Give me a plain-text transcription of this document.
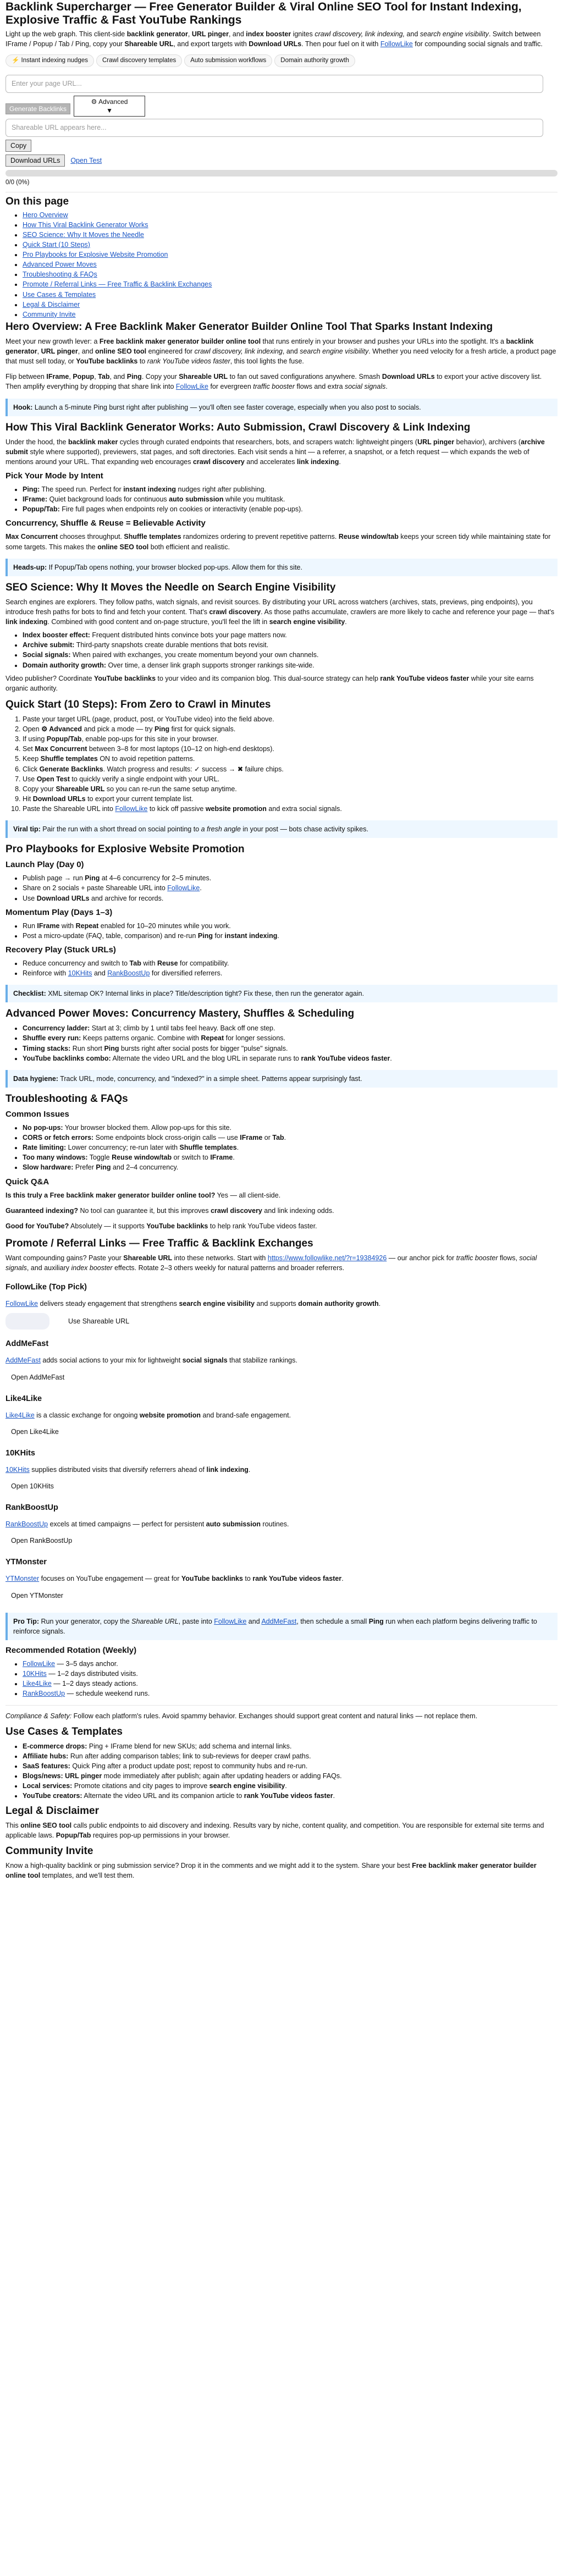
Backlink Supercharger — Free Generator Builder & Viral Online SEO Tool for Instant Indexing, Explosive Traffic & Fast YouTube Rankings

Light up the web graph. This client-side backlink generator, URL pinger, and index booster ignites crawl discovery, link indexing, and search engine visibility. Switch between IFrame / Popup / Tab / Ping, copy your Shareable URL, and export targets with Download URLs. Then pour fuel on it with FollowLike for compounding social signals and traffic.

⚡ Instant indexing nudges	Crawl discovery templates	Auto submission workflows	Domain authority growth
Enter your page URL...
Generate Backlinks
⚙ Advanced
▼
Shareable URL appears here...
Copy
Download URLs	Open Test
0/0 (0%)
On this page
• Hero Overview
• How This Viral Backlink Generator Works
• SEO Science: Why It Moves the Needle
• Quick Start (10 Steps)
• Pro Playbooks for Explosive Website Promotion
• Advanced Power Moves
• Troubleshooting & FAQs
• Promote / Referral Links — Free Traffic & Backlink Exchanges
• Use Cases & Templates
• Legal & Disclaimer
• Community Invite
Hero Overview: A Free Backlink Maker Generator Builder Online Tool That Sparks Instant Indexing

Meet your new growth lever: a Free backlink maker generator builder online tool that runs entirely in your browser and pushes your URLs into the spotlight. It's a backlink generator, URL pinger, and online SEO tool engineered for crawl discovery, link indexing, and search engine visibility. Whether you need velocity for a fresh article, a product page that must sell today, or YouTube backlinks to rank YouTube videos faster, this tool lights the fuse.

Flip between IFrame, Popup, Tab, and Ping. Copy your Shareable URL to fan out saved configurations anywhere. Smash Download URLs to export your active discovery list. Then amplify everything by dropping that share link into FollowLike for evergreen traffic booster flows and extra social signals.

Hook: Launch a 5-minute Ping burst right after publishing — you'll often see faster coverage, especially when you also post to socials.
How This Viral Backlink Generator Works: Auto Submission, Crawl Discovery & Link Indexing

Under the hood, the backlink maker cycles through curated endpoints that researchers, bots, and scrapers watch: lightweight pingers (URL pinger behavior), archivers (archive submit style where supported), previewers, stat pages, and soft directories. Each visit sends a hint — a referrer, a snapshot, or a fetch request — which expands the web of mentions around your URL. That expanding web encourages crawl discovery and accelerates link indexing.

Pick Your Mode by Intent
• Ping: The speed run. Perfect for instant indexing nudges right after publishing.
• IFrame: Quiet background loads for continuous auto submission while you multitask.
• Popup/Tab: Fire full pages when endpoints rely on cookies or interactivity (enable pop-ups).
Concurrency, Shuffle & Reuse = Believable Activity

Max Concurrent chooses throughput. Shuffle templates randomizes ordering to prevent repetitive patterns. Reuse window/tab keeps your screen tidy while maintaining state for some targets. This makes the online SEO tool both efficient and realistic.

Heads-up: If Popup/Tab opens nothing, your browser blocked pop-ups. Allow them for this site.
SEO Science: Why It Moves the Needle on Search Engine Visibility

Search engines are explorers. They follow paths, watch signals, and revisit sources. By distributing your URL across watchers (archives, stats, previews, ping endpoints), you introduce fresh paths for bots to find and fetch your content. That's crawl discovery. As those paths accumulate, crawlers are more likely to cache and reference your page — that's link indexing. Combined with good content and on-page structure, you'll feel the lift in search engine visibility.

• Index booster effect: Frequent distributed hints convince bots your page matters now.
• Archive submit: Third-party snapshots create durable mentions that bots revisit.
• Social signals: When paired with exchanges, you create momentum beyond your own channels.
• Domain authority growth: Over time, a denser link graph supports stronger rankings site-wide.

Video publisher? Coordinate YouTube backlinks to your video and its companion blog. This dual-source strategy can help rank YouTube videos faster while your site earns organic authority.

Quick Start (10 Steps): From Zero to Crawl in Minutes
1. Paste your target URL (page, product, post, or YouTube video) into the field above.
2. Open ⚙ Advanced and pick a mode — try Ping first for quick signals.
3. If using Popup/Tab, enable pop-ups for this site in your browser.
4. Set Max Concurrent between 3–8 for most laptops (10–12 on high-end desktops).
5. Keep Shuffle templates ON to avoid repetition patterns.
6. Click Generate Backlinks. Watch progress and results: ✓ success → ✖ failure chips.
7. Use Open Test to quickly verify a single endpoint with your URL.
8. Copy your Shareable URL so you can re-run the same setup anytime.
9. Hit Download URLs to export your current template list.
10. Paste the Shareable URL into FollowLike to kick off passive website promotion and extra social signals.
Viral tip: Pair the run with a short thread on social pointing to a fresh angle in your post — bots chase activity spikes.
Pro Playbooks for Explosive Website Promotion
Launch Play (Day 0)
• Publish page → run Ping at 4–6 concurrency for 2–5 minutes.
• Share on 2 socials + paste Shareable URL into FollowLike.
• Use Download URLs and archive for records.
Momentum Play (Days 1–3)
• Run IFrame with Repeat enabled for 10–20 minutes while you work.
• Post a micro-update (FAQ, table, comparison) and re-run Ping for instant indexing.
Recovery Play (Stuck URLs)
• Reduce concurrency and switch to Tab with Reuse for compatibility.
• Reinforce with 10KHits and RankBoostUp for diversified referrers.
Checklist: XML sitemap OK? Internal links in place? Title/description tight? Fix these, then run the generator again.
Advanced Power Moves: Concurrency Mastery, Shuffles & Scheduling
• Concurrency ladder: Start at 3; climb by 1 until tabs feel heavy. Back off one step.
• Shuffle every run: Keeps patterns organic. Combine with Repeat for longer sessions.
• Timing stacks: Run short Ping bursts right after social posts for bigger "pulse" signals.
• YouTube backlinks combo: Alternate the video URL and the blog URL in separate runs to rank YouTube videos faster.
Data hygiene: Track URL, mode, concurrency, and "indexed?" in a simple sheet. Patterns appear surprisingly fast.
Troubleshooting & FAQs
Common Issues
• No pop-ups: Your browser blocked them. Allow pop-ups for this site.
• CORS or fetch errors: Some endpoints block cross-origin calls — use IFrame or Tab.
• Rate limiting: Lower concurrency; re-run later with Shuffle templates.
• Too many windows: Toggle Reuse window/tab or switch to IFrame.
• Slow hardware: Prefer Ping and 2–4 concurrency.
Quick Q&A

Is this truly a Free backlink maker generator builder online tool? Yes — all client-side.

Guaranteed indexing? No tool can guarantee it, but this improves crawl discovery and link indexing odds.

Good for YouTube? Absolutely — it supports YouTube backlinks to help rank YouTube videos faster.

Promote / Referral Links — Free Traffic & Backlink Exchanges

Want compounding gains? Paste your Shareable URL into these networks. Start with https://www.followlike.net/?r=19384926 — our anchor pick for traffic booster flows, social signals, and auxiliary index booster effects. Rotate 2–3 others weekly for natural patterns and broader referrers.

FollowLike (Top Pick)

FollowLike delivers steady engagement that strengthens search engine visibility and supports domain authority growth.

Use Shareable URL
AddMeFast

AddMeFast adds social actions to your mix for lightweight social signals that stabilize rankings.

Open AddMeFast
Like4Like

Like4Like is a classic exchange for ongoing website promotion and brand-safe engagement.

Open Like4Like
10KHits

10KHits supplies distributed visits that diversify referrers ahead of link indexing.

Open 10KHits
RankBoostUp

RankBoostUp excels at timed campaigns — perfect for persistent auto submission routines.

Open RankBoostUp
YTMonster

YTMonster focuses on YouTube engagement — great for YouTube backlinks to rank YouTube videos faster.

Open YTMonster
Pro Tip: Run your generator, copy the Shareable URL, paste into FollowLike and AddMeFast, then schedule a small Ping run when each platform begins delivering traffic to reinforce signals.
Recommended Rotation (Weekly)
• FollowLike — 3–5 days anchor.
• 10KHits — 1–2 days distributed visits.
• Like4Like — 1–2 days steady actions.
• RankBoostUp — schedule weekend runs.

Compliance & Safety: Follow each platform's rules. Avoid spammy behavior. Exchanges should support great content and natural links — not replace them.

Use Cases & Templates
• E-commerce drops: Ping + IFrame blend for new SKUs; add schema and internal links.
• Affiliate hubs: Run after adding comparison tables; link to sub-reviews for deeper crawl paths.
• SaaS features: Quick Ping after a product update post; repost to community hubs and re-run.
• Blogs/news: URL pinger mode immediately after publish; again after updating headers or adding FAQs.
• Local services: Promote citations and city pages to improve search engine visibility.
• YouTube creators: Alternate the video URL and its companion article to rank YouTube videos faster.
Legal & Disclaimer

This online SEO tool calls public endpoints to aid discovery and indexing. Results vary by niche, content quality, and competition. You are responsible for external site terms and applicable laws. Popup/Tab requires pop-up permissions in your browser.

Community Invite

Know a high-quality backlink or ping submission service? Drop it in the comments and we might add it to the system. Share your best Free backlink maker generator builder online tool templates, and we'll test them.
